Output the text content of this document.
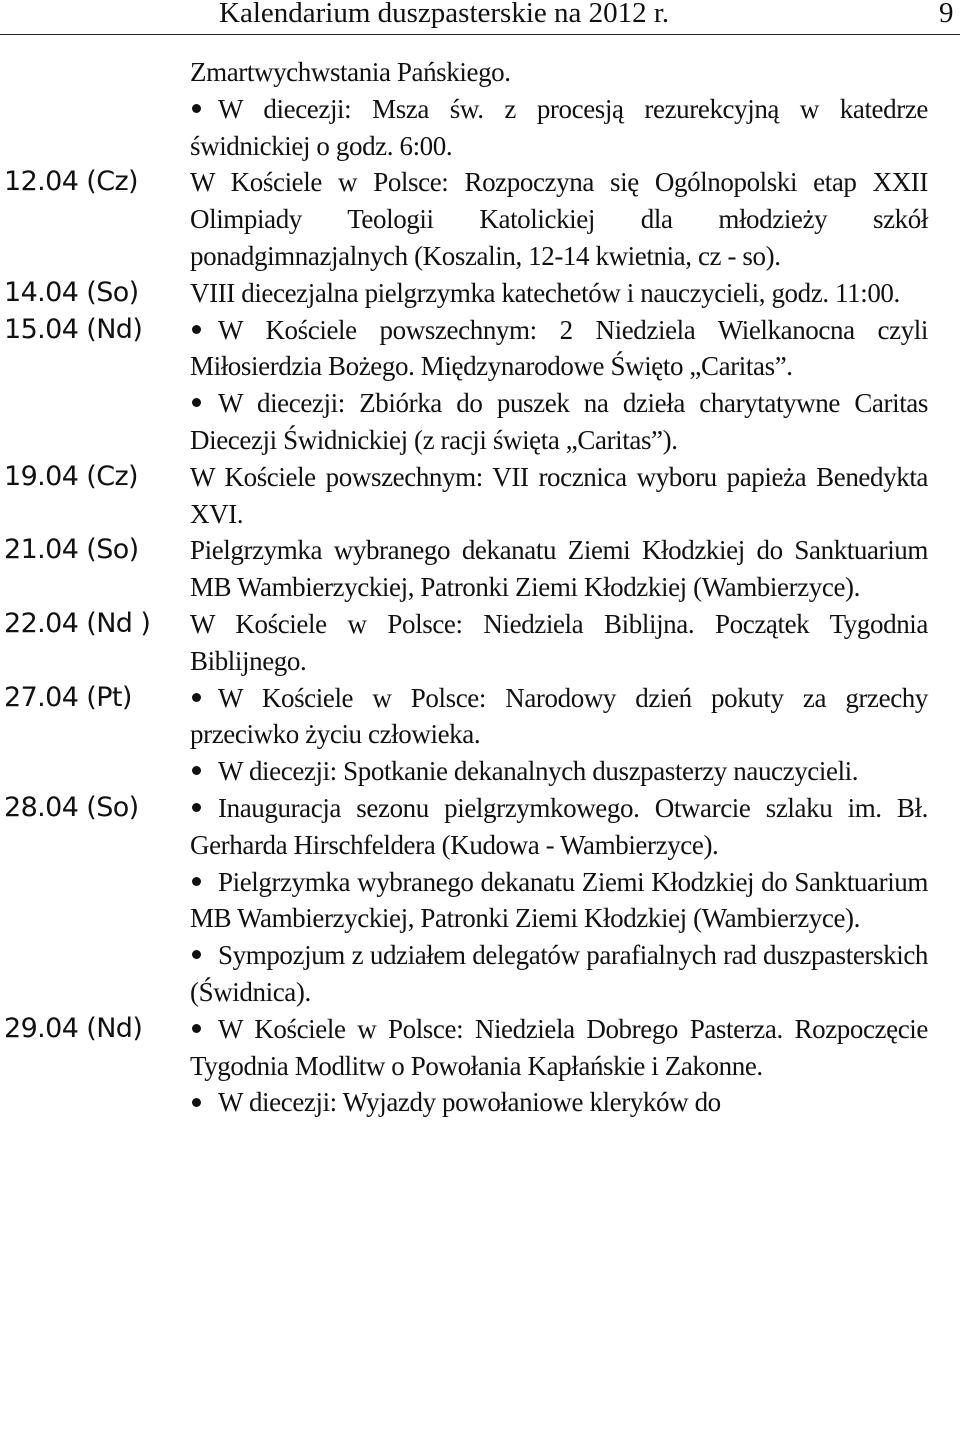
Kalendarium duszpasterskie na 2012 r.	9

Zmartwychwstania Pańskiego.

W diecezji: Msza św. z procesją rezurekcyjną w katedrze świdnickiej o godz. 6:00.

12.04 (Cz) W Kościele w Polsce: Rozpoczyna się Ogólnopolski etap XXII Olimpiady Teologii Katolickiej dla młodzieży szkół ponadgimnazjalnych (Koszalin, 12-14 kwietnia, cz - so).

14.04 (So) VIII diecezjalna pielgrzymka katechetów i nauczycieli, godz. 11:00.

15.04 (Nd)	W Kościele powszechnym: 2 Niedziela Wielkanocna czyli Miłosierdzia Bożego. Międzynarodowe Święto „Caritas”.

W diecezji: Zbiórka do puszek na dzieła charytatywne Caritas Diecezji Świdnickiej (z racji święta „Caritas”).

19.04 (Cz) W Kościele powszechnym: VII rocznica wyboru papieża Benedykta XVI.

21.04 (So) Pielgrzymka wybranego dekanatu Ziemi Kłodzkiej do Sanktuarium MB Wambierzyckiej, Patronki Ziemi Kłodzkiej (Wambierzyce).

22.04 (Nd ) W Kościele w Polsce: Niedziela Biblijna. Początek Tygodnia Biblijnego.

27.04 (Pt)	W Kościele w Polsce: Narodowy dzień pokuty za grzechy przeciwko życiu człowieka.

W diecezji: Spotkanie dekanalnych duszpasterzy nauczycieli.

28.04 (So)	Inauguracja sezonu pielgrzymkowego. Otwarcie szlaku im. Bł. Gerharda Hirschfeldera (Kudowa - Wambierzyce).

Pielgrzymka wybranego dekanatu Ziemi Kłodzkiej do Sanktuarium MB Wambierzyckiej, Patronki Ziemi Kłodzkiej (Wambierzyce).

Sympozjum z udziałem delegatów parafialnych rad duszpasterskich (Świdnica).

29.04 (Nd)	W Kościele w Polsce: Niedziela Dobrego Pasterza. Rozpoczęcie Tygodnia Modlitw o Powołania Kapłańskie i Zakonne.

W diecezji: Wyjazdy powołaniowe kleryków do
